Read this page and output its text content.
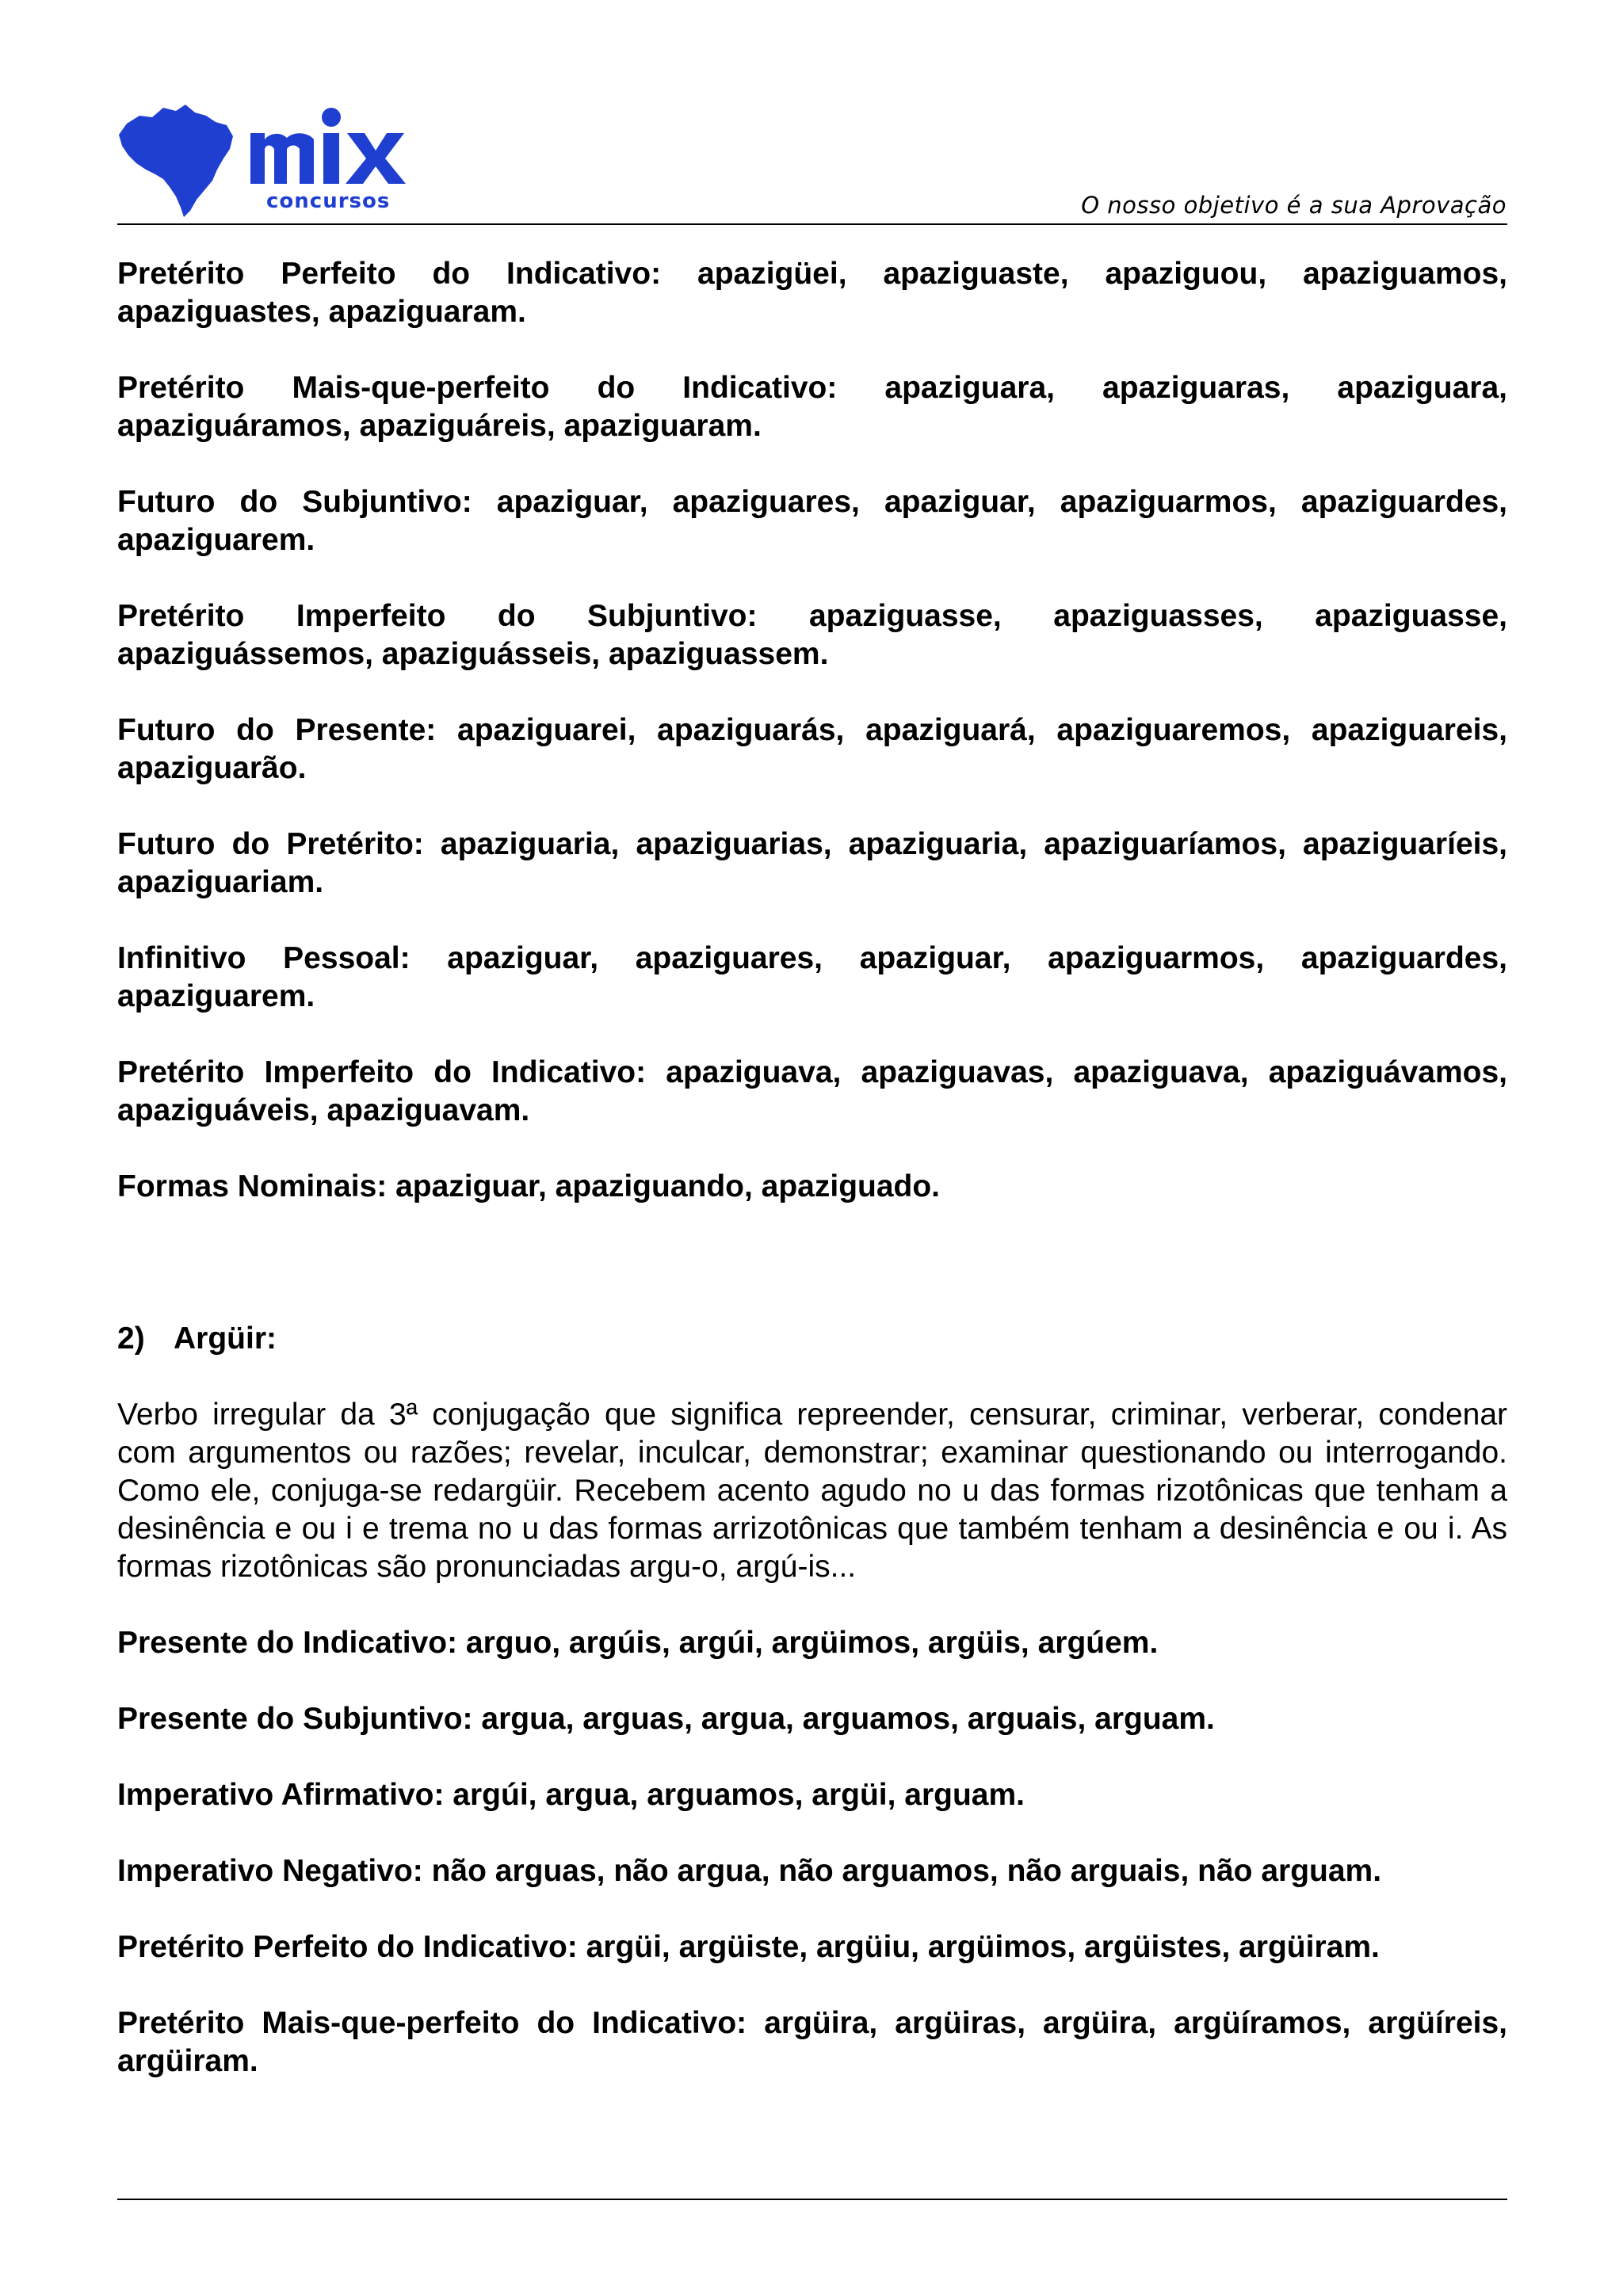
concursos	O nosso objetivo é a sua Aprovação

Pretérito Perfeito do Indicativo: apazigüei, apaziguaste, apaziguou, apaziguamos, apaziguastes, apaziguaram.

Pretérito Mais-que-perfeito do Indicativo: apaziguara, apaziguaras, apaziguara, apaziguáramos, apaziguáreis, apaziguaram.

Futuro do Subjuntivo: apaziguar, apaziguares, apaziguar, apaziguarmos, apaziguardes, apaziguarem.

Pretérito Imperfeito do Subjuntivo: apaziguasse, apaziguasses, apaziguasse, apaziguássemos, apaziguásseis, apaziguassem.

Futuro do Presente: apaziguarei, apaziguarás, apaziguará, apaziguaremos, apaziguareis, apaziguarão.

Futuro do Pretérito: apaziguaria, apaziguarias, apaziguaria, apaziguaríamos, apaziguaríeis, apaziguariam.

Infinitivo Pessoal: apaziguar, apaziguares, apaziguar, apaziguarmos, apaziguardes, apaziguarem.

Pretérito Imperfeito do Indicativo: apaziguava, apaziguavas, apaziguava, apaziguávamos, apaziguáveis, apaziguavam.

Formas Nominais: apaziguar, apaziguando, apaziguado.

2) Argüir:

Verbo irregular da 3ª conjugação que significa repreender, censurar, criminar, verberar, condenar com argumentos ou razões; revelar, inculcar, demonstrar; examinar questionando ou interrogando. Como ele, conjuga-se redargüir. Recebem acento agudo no u das formas rizotônicas que tenham a desinência e ou i e trema no u das formas arrizotônicas que também tenham a desinência e ou i. As formas rizotônicas são pronunciadas argu-o, argú-is...

Presente do Indicativo: arguo, argúis, argúi, argüimos, argüis, argúem.

Presente do Subjuntivo: argua, arguas, argua, arguamos, arguais, arguam.

Imperativo Afirmativo: argúi, argua, arguamos, argüi, arguam.

Imperativo Negativo: não arguas, não argua, não arguamos, não arguais, não arguam.

Pretérito Perfeito do Indicativo: argüi, argüiste, argüiu, argüimos, argüistes, argüiram.

Pretérito Mais-que-perfeito do Indicativo: argüira, argüiras, argüira, argüíramos, argüíreis, argüiram.
